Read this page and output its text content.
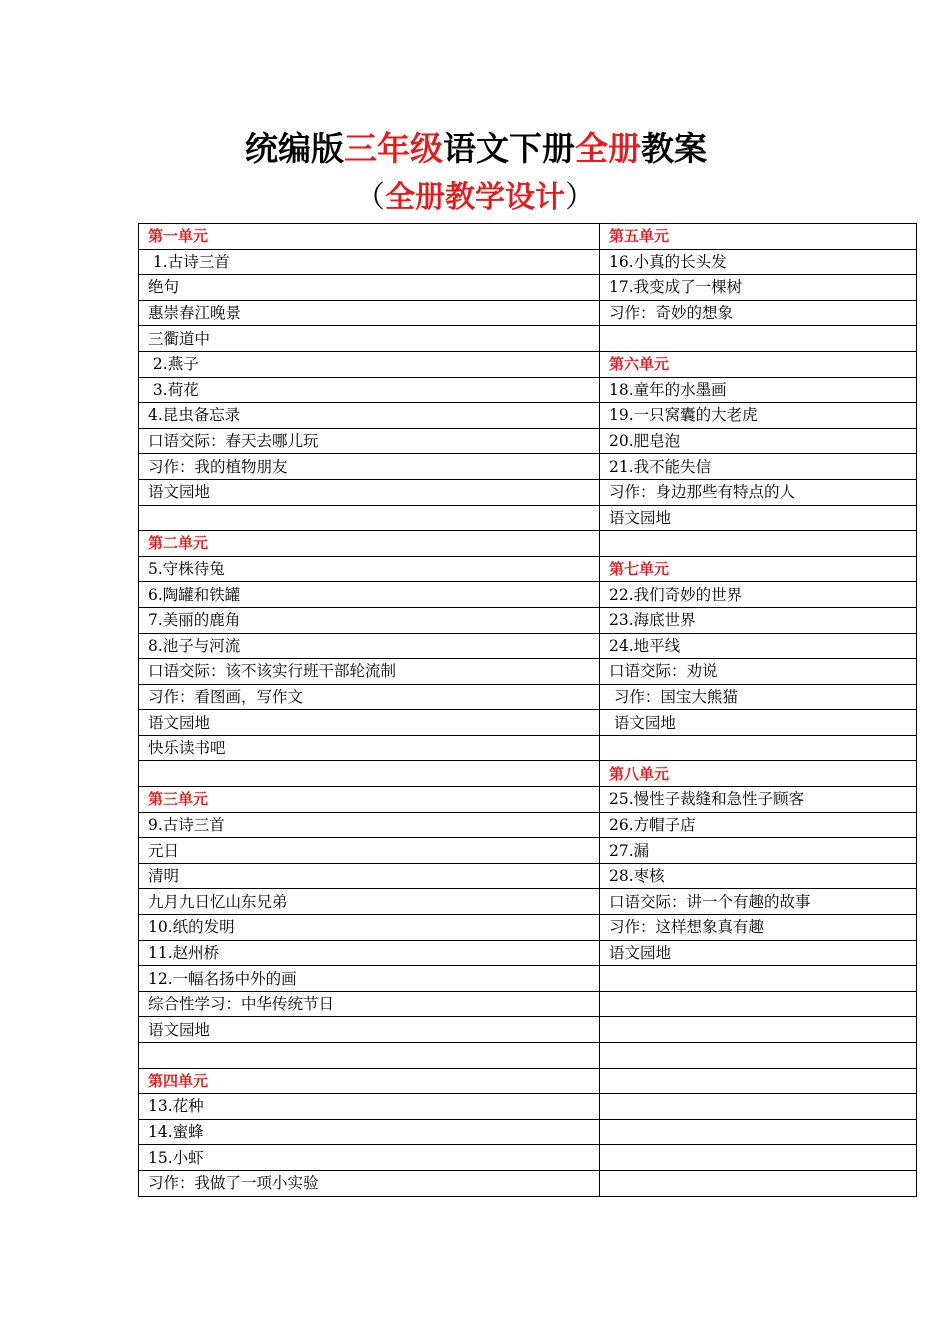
统编版三年级语文下册全册教案
（全册教学设计）
第一单元	第五单元
1.古诗三首	16.小真的长头发
绝句	17.我变成了一棵树
惠崇春江晚景	习作：奇妙的想象
三衢道中	
2.燕子	第六单元
3.荷花	18.童年的水墨画
4.昆虫备忘录	19.一只窝囊的大老虎
口语交际：春天去哪儿玩	20.肥皂泡
习作：我的植物朋友	21.我不能失信
语文园地	习作：身边那些有特点的人
	语文园地
第二单元	
5.守株待兔	第七单元
6.陶罐和铁罐	22.我们奇妙的世界
7.美丽的鹿角	23.海底世界
8.池子与河流	24.地平线
口语交际：该不该实行班干部轮流制	口语交际：劝说
习作：看图画，写作文	习作：国宝大熊猫
语文园地	语文园地
快乐读书吧	
	第八单元
第三单元	25.慢性子裁缝和急性子顾客
9.古诗三首	26.方帽子店
元日	27.漏
清明	28.枣核
九月九日忆山东兄弟	口语交际：讲一个有趣的故事
10.纸的发明	习作：这样想象真有趣
11.赵州桥	语文园地
12.一幅名扬中外的画	
综合性学习：中华传统节日	
语文园地	

第四单元	
13.花种	
14.蜜蜂	
15.小虾	
习作：我做了一项小实验	
